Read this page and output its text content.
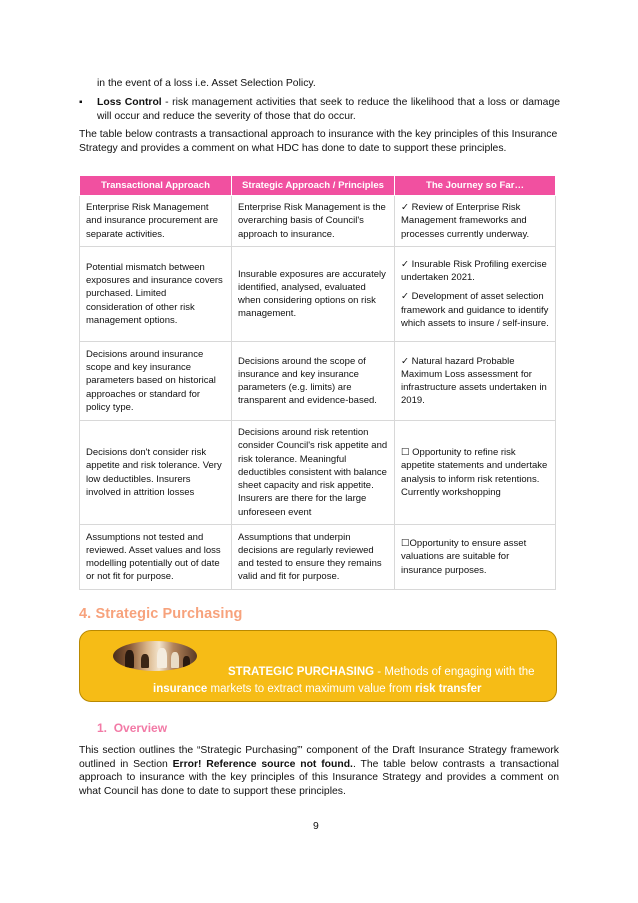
in the event of a loss i.e. Asset Selection Policy.
▪ Loss Control - risk management activities that seek to reduce the likelihood that a loss or damage will occur and reduce the severity of those that do occur.
The table below contrasts a transactional approach to insurance with the key principles of this Insurance Strategy and provides a comment on what HDC has done to date to support these principles.
Transactional Approach	Strategic Approach / Principles	The Journey so Far…
Enterprise Risk Management and insurance procurement are separate activities.	Enterprise Risk Management is the overarching basis of Council's approach to insurance.	✓ Review of Enterprise Risk Management frameworks and processes currently underway.

Potential mismatch between exposures and insurance covers purchased. Limited consideration of other risk management options.	Insurable exposures are accurately identified, analysed, evaluated when considering options on risk management.	✓ Insurable Risk Profiling exercise undertaken 2021.
✓ Development of asset selection framework and guidance to identify which assets to insure / self-insure.

Decisions around insurance scope and key insurance parameters based on historical approaches or standard for policy type.	Decisions around the scope of insurance and key insurance parameters (e.g. limits) are transparent and evidence-based.	✓ Natural hazard Probable Maximum Loss assessment for infrastructure assets undertaken in 2019.

Decisions don't consider risk appetite and risk tolerance. Very low deductibles. Insurers involved in attrition losses	Decisions around risk retention consider Council's risk appetite and risk tolerance. Meaningful deductibles consistent with balance sheet capacity and risk appetite. Insurers are there for the large unforeseen event	☐ Opportunity to refine risk appetite statements and undertake analysis to inform risk retentions. Currently workshopping

Assumptions not tested and reviewed. Asset values and loss modelling potentially out of date or not fit for purpose.	Assumptions that underpin decisions are regularly reviewed and tested to ensure they remains valid and fit for purpose.	☐Opportunity to ensure asset valuations are suitable for insurance purposes.
4. Strategic Purchasing
STRATEGIC PURCHASING - Methods of engaging with the
insurance markets to extract maximum value from risk transfer
1. Overview
This section outlines the “Strategic Purchasing”' component of the Draft Insurance Strategy framework outlined in Section Error! Reference source not found.. The table below contrasts a transactional approach to insurance with the key principles of this Insurance Strategy and provides a comment on what Council has done to date to support these principles.
9
